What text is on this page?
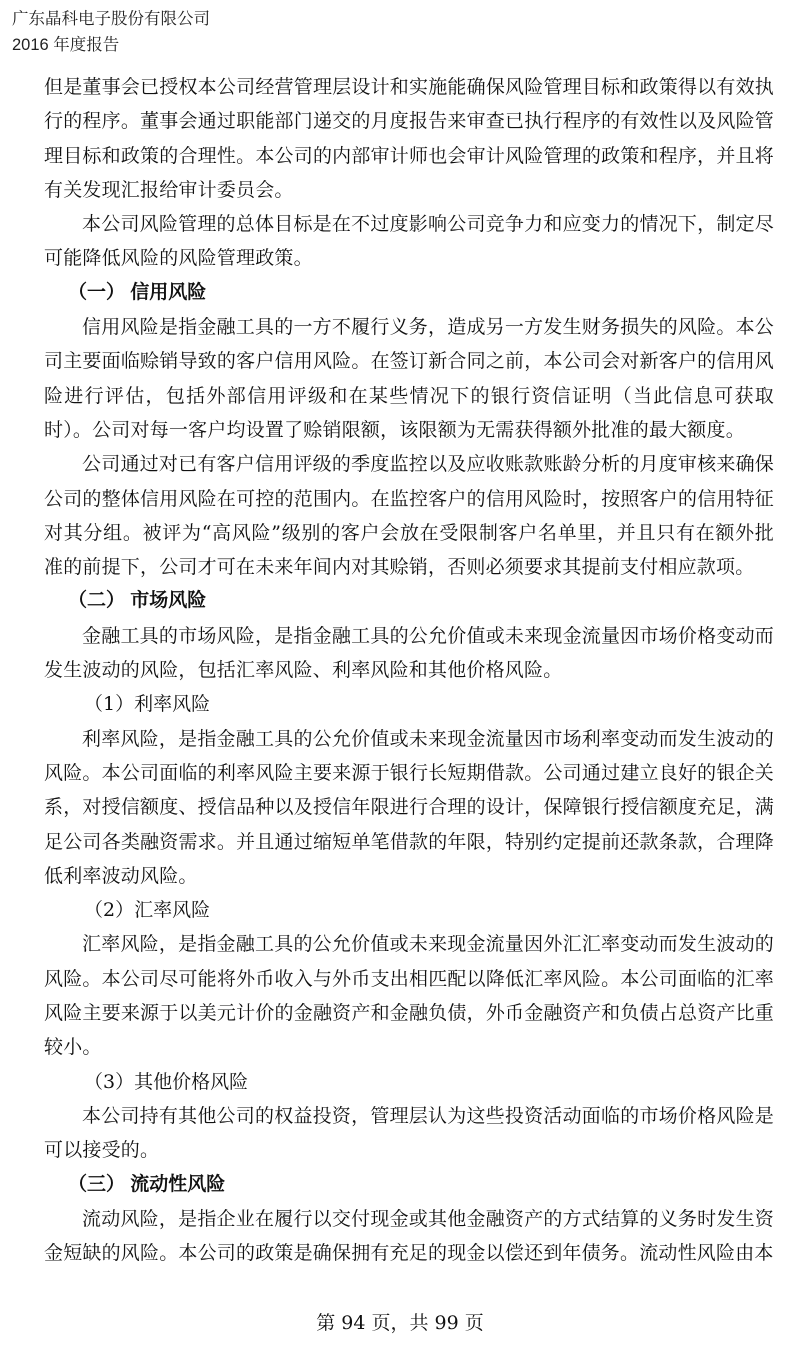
广东晶科电子股份有限公司
2016 年度报告

但是董事会已授权本公司经营管理层设计和实施能确保风险管理目标和政策得以有效执行的程序。董事会通过职能部门递交的月度报告来审查已执行程序的有效性以及风险管理目标和政策的合理性。本公司的内部审计师也会审计风险管理的政策和程序，并且将有关发现汇报给审计委员会。

本公司风险管理的总体目标是在不过度影响公司竞争力和应变力的情况下，制定尽可能降低风险的风险管理政策。

（一） 信用风险

信用风险是指金融工具的一方不履行义务，造成另一方发生财务损失的风险。本公司主要面临赊销导致的客户信用风险。在签订新合同之前，本公司会对新客户的信用风险进行评估，包括外部信用评级和在某些情况下的银行资信证明（当此信息可获取时）。公司对每一客户均设置了赊销限额，该限额为无需获得额外批准的最大额度。

公司通过对已有客户信用评级的季度监控以及应收账款账龄分析的月度审核来确保公司的整体信用风险在可控的范围内。在监控客户的信用风险时，按照客户的信用特征对其分组。被评为“高风险”级别的客户会放在受限制客户名单里，并且只有在额外批准的前提下，公司才可在未来年间内对其赊销，否则必须要求其提前支付相应款项。

（二） 市场风险

金融工具的市场风险，是指金融工具的公允价值或未来现金流量因市场价格变动而发生波动的风险，包括汇率风险、利率风险和其他价格风险。

（1）利率风险

利率风险，是指金融工具的公允价值或未来现金流量因市场利率变动而发生波动的风险。本公司面临的利率风险主要来源于银行长短期借款。公司通过建立良好的银企关系，对授信额度、授信品种以及授信年限进行合理的设计，保障银行授信额度充足，满足公司各类融资需求。并且通过缩短单笔借款的年限，特别约定提前还款条款，合理降低利率波动风险。

（2）汇率风险

汇率风险，是指金融工具的公允价值或未来现金流量因外汇汇率变动而发生波动的风险。本公司尽可能将外币收入与外币支出相匹配以降低汇率风险。本公司面临的汇率风险主要来源于以美元计价的金融资产和金融负债，外币金融资产和负债占总资产比重较小。

（3）其他价格风险

本公司持有其他公司的权益投资，管理层认为这些投资活动面临的市场价格风险是可以接受的。

（三） 流动性风险

流动风险，是指企业在履行以交付现金或其他金融资产的方式结算的义务时发生资金短缺的风险。本公司的政策是确保拥有充足的现金以偿还到年债务。流动性风险由本

第 94 页，共 99 页
